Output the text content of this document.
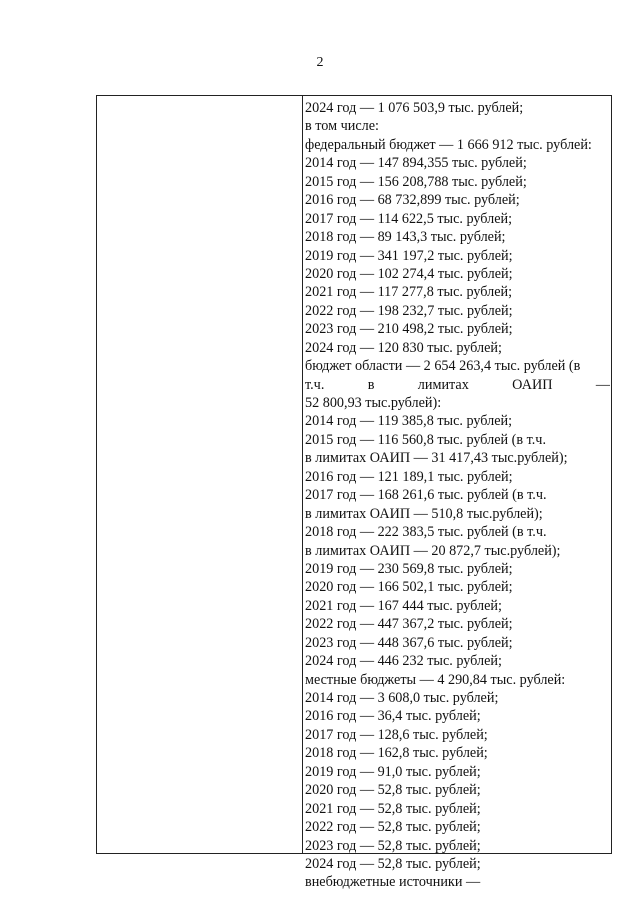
2
2024 год — 1 076 503,9 тыс. рублей;
в том числе:
федеральный бюджет — 1 666 912 тыс. рублей:
2014 год — 147 894,355 тыс. рублей;
2015 год — 156 208,788 тыс. рублей;
2016 год — 68 732,899 тыс. рублей;
2017 год — 114 622,5 тыс. рублей;
2018 год — 89 143,3 тыс. рублей;
2019 год — 341 197,2 тыс. рублей;
2020 год — 102 274,4 тыс. рублей;
2021 год — 117 277,8 тыс. рублей;
2022 год — 198 232,7 тыс. рублей;
2023 год — 210 498,2 тыс. рублей;
2024 год — 120 830 тыс. рублей;
бюджет области — 2 654 263,4 тыс. рублей (в
т.ч.	в	лимитах	ОАИП	—
52 800,93 тыс.рублей):
2014 год — 119 385,8 тыс. рублей;
2015 год — 116 560,8 тыс. рублей (в т.ч.
в лимитах ОАИП — 31 417,43 тыс.рублей);
2016 год — 121 189,1 тыс. рублей;
2017 год — 168 261,6 тыс. рублей (в т.ч.
в лимитах ОАИП — 510,8 тыс.рублей);
2018 год — 222 383,5 тыс. рублей (в т.ч.
в лимитах ОАИП — 20 872,7 тыс.рублей);
2019 год — 230 569,8 тыс. рублей;
2020 год — 166 502,1 тыс. рублей;
2021 год — 167 444 тыс. рублей;
2022 год — 447 367,2 тыс. рублей;
2023 год — 448 367,6 тыс. рублей;
2024 год — 446 232 тыс. рублей;
местные бюджеты — 4 290,84 тыс. рублей:
2014 год — 3 608,0 тыс. рублей;
2016 год — 36,4 тыс. рублей;
2017 год — 128,6 тыс. рублей;
2018 год — 162,8 тыс. рублей;
2019 год — 91,0 тыс. рублей;
2020 год — 52,8 тыс. рублей;
2021 год — 52,8 тыс. рублей;
2022 год — 52,8 тыс. рублей;
2023 год — 52,8 тыс. рублей;
2024 год — 52,8 тыс. рублей;
внебюджетные источники —
